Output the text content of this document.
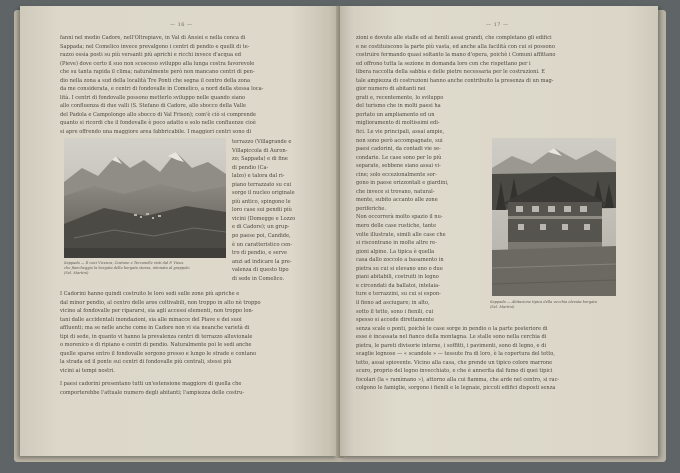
— 16 —
fanni nel medio Cadore, nell'Oltrepiave, in Val di Ansiei e nella conca di
Sappada; nel Comelico invece prevalgono i centri di pendio e quelli di te-
razzo ossia posti su più versanti più aprichi e ricchi invece d'acqua ed
(Pieve) dove certo il suo non scosceso sviluppo alla lunga costra favorevole
che su tanta rapida il clima; naturalmente però non mancano centri di pen-
dio nella zona a sud della località Tre Ponti che segna il centro della zona
da me considerata, e centri di fondovalle in Comelico, a nord della stessa loca-
lità. I centri di fondovalle possono metterlo sviluppo nelle quando siano
allo confluenza di due valli (S. Stefano di Cadore, allo sbocco della Valle
del Padola e Campolongo allo sbocco di Val Frison); com'è ciò si comprende
quanto si ricordi che il fondovalle è poco adatto e solo nelle confluenze cioè
si apre offrendo una maggiore area fabbricabile. I maggiori centri sono di
Sappada — Il noci Vicenza, Costone e Terzanelle visti dal P. Vieux
che fiancheggia la borgata della borgata stessa, intonata al grappolo
(Sel. Martini)
terrazzo (Villagrande e
Villapiccola di Auron-
zo; Sappada) e di fine
di pendio (Ca-
lalzo) e talora dal ri-
piano terrazzato su cui
sorge il nucleo originale
più antico, spingono le
loro case sui pendii più
vicini (Domegge e Lozzo
e di Cadore); un grup-
po paese poi, Candide,
è un caratteristico cen-
tro di pendio, e serve
anzi ad indicare la pre-
valenza di questo tipo
di sede in Comelico.
I Cadorini hanno quindi costruito le loro sedi sulle zone più apriche e
dal minor pendio, al centro delle aree coltivabili, non troppo in alto nè troppo
vicino al fondovalle per ripararsi, sia agli accessi elementi, non troppo lon-
tani dalle accidentali inondazioni, sia alle minacce del Piave e dei suoi
affluenti; ma se nelle anche come in Cadore non vi sia neanche varietà di
tipi di sede, in quanto vi hanno la prevalenza centri di terrazzo alluvionale
o morenico e di ripiano e centri di pendio. Naturalmente poi le sedi anche
quelle sparse entro il fondovalle sorgono presso e lungo le strade e contano
la strada ed il ponte sui centri di fondovalle più centrali, stessi più
vicini ai tempi nostri.
I paesi cadorini presentano tutti un'estensione maggiore di quella che
comporterebbe l'attuale numero degli abitanti; l'ampiezza delle costru-
— 17 —
zioni e dovute alle stalle ed ai fienili assai grandi, che completano gli edifici
e ne costituiscono la parte più vasta, ed anche alla facilità con cui si possono
costruire fermando quasi soltanto la mano d'opera, poichè i Comuni affittano
ed offrono tutta la sezione in domanda loro con che rispettano per i
libera raccolta della sabbia e delle pietre necessaria per le costruzioni. E
tale ampiezza di costruzioni hanno anche contribuito la presenza di un mag-
gior numero di abitanti nei
grati e, recentemente, lo sviluppo
del turismo che in molti paesi ha
portato un ampliamento ed un
miglioramento di moltissimi edi-
fici. Le vie principali, assai ampie,
non sono però accompagnate, sui
paesi cadorini, da contadi vie se-
condarie. Le case sono per lo più
separate, sebbene siano assai vi-
cine; solo eccezionalmente sor-
gono in paese orizzontali e giardini,
che invece si trovano, natural-
mente, subito accanto alle zone
periferiche.
Non occorrerà molto spazio il nu-
mero delle case rustiche, tante
volte illustrate, simili alle case che
si riscontrano in molte altre re-
gioni alpine. La tipica è quella
casa dallo zoccolo a basamento in
pietra su cui si elevano uno o due
piani abitabili, costruiti in legno
e circondati da ballatoi, intelaia-
ture e terrazzini, su cui si espon-
il fieno ad asciugare; in alto,
sotto il tetto, sono i fienili, cui
spesso si accede direttamente
senza scale o ponti, poichè le case sorge in pendio o la parte posteriore di
esse è incassata nel fianco della montagna. Le stalle sono nella cerchia di
pietra, le pareti divisorie interne, i soffitti, i pavimenti, sono di legno, e di
scaglie legnose — « scandole » — tessute fra di loro, è la copertura del tetto,
tetto, assai spiovente. Vicino alla casa, che prende un tipico colore marrone
scuro, proprio del legno invecchiato, e che è annerita dal fumo di quei tipici
focolari (la « ramìmano »), attorno alla cui fiamma, che arde nel centro, si rac-
colgono le famiglie, sorgono i fienili e le legnaie, piccoli edifici disposti senza
Sappada — Abitazione tipica della vecchia elevata borgata
(Sel. Martini)
